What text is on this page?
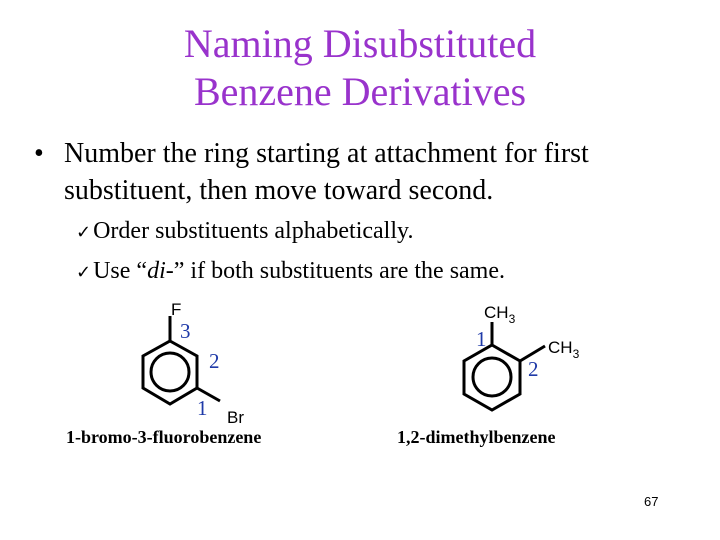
Naming Disubstituted
Benzene Derivatives
• Number the ring starting at attachment for first substituent, then move toward second.
✓Order substituents alphabetically.
✓Use “di-” if both substituents are the same.
F
Br
3
2
1
$CH_3$
$CH_3$
1
2
1-bromo-3-fluorobenzene	1,2-dimethylbenzene
67
